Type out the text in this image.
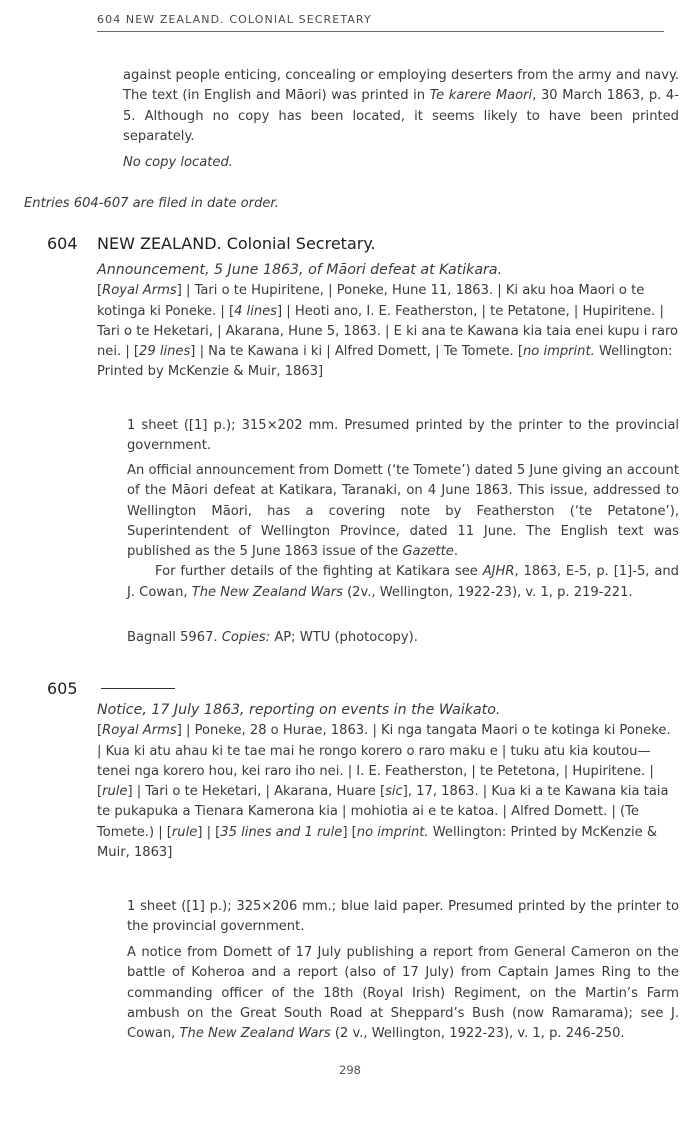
604 NEW ZEALAND. COLONIAL SECRETARY

against people enticing, concealing or employing deserters from the army and navy. The text (in English and Māori) was printed in Te karere Maori, 30 March 1863, p. 4-5. Although no copy has been located, it seems likely to have been printed separately.

No copy located.

Entries 604-607 are filed in date order.

604 NEW ZEALAND. Colonial Secretary.

Announcement, 5 June 1863, of Māori defeat at Katikara.
[Royal Arms] | Tari o te Hupiritene, | Poneke, Hune 11, 1863. | Ki aku hoa Maori o te kotinga ki Poneke. | [4 lines] | Heoti ano, I. E. Featherston, | te Petatone, | Hupiritene. | Tari o te Heketari, | Akarana, Hune 5, 1863. | E ki ana te Kawana kia taia enei kupu i raro nei. | [29 lines] | Na te Kawana i ki | Alfred Domett, | Te Tomete. [no imprint. Wellington: Printed by McKenzie & Muir, 1863]

1 sheet ([1] p.); 315×202 mm. Presumed printed by the printer to the provincial government.

An official announcement from Domett (‘te Tomete’) dated 5 June giving an account of the Māori defeat at Katikara, Taranaki, on 4 June 1863. This issue, addressed to Wellington Māori, has a covering note by Featherston (‘te Petatone’), Superintendent of Wellington Province, dated 11 June. The English text was published as the 5 June 1863 issue of the Gazette.
For further details of the fighting at Katikara see AJHR, 1863, E-5, p. [1]-5, and J. Cowan, The New Zealand Wars (2v., Wellington, 1922-23), v. 1, p. 219-221.

Bagnall 5967. Copies: AP; WTU (photocopy).

605

Notice, 17 July 1863, reporting on events in the Waikato.
[Royal Arms] | Poneke, 28 o Hurae, 1863. | Ki nga tangata Maori o te kotinga ki Poneke. | Kua ki atu ahau ki te tae mai he rongo korero o raro maku e | tuku atu kia koutou—tenei nga korero hou, kei raro iho nei. | I. E. Featherston, | te Petetona, | Hupiritene. | [rule] | Tari o te Heketari, | Akarana, Huare [sic], 17, 1863. | Kua ki a te Kawana kia taia te pukapuka a Tienara Kamerona kia | mohiotia ai e te katoa. | Alfred Domett. | (Te Tomete.) | [rule] | [35 lines and 1 rule] [no imprint. Wellington: Printed by McKenzie & Muir, 1863]

1 sheet ([1] p.); 325×206 mm.; blue laid paper. Presumed printed by the printer to the provincial government.

A notice from Domett of 17 July publishing a report from General Cameron on the battle of Koheroa and a report (also of 17 July) from Captain James Ring to the commanding officer of the 18th (Royal Irish) Regiment, on the Martin’s Farm ambush on the Great South Road at Sheppard’s Bush (now Ramarama); see J. Cowan, The New Zealand Wars (2 v., Wellington, 1922-23), v. 1, p. 246-250.

298
